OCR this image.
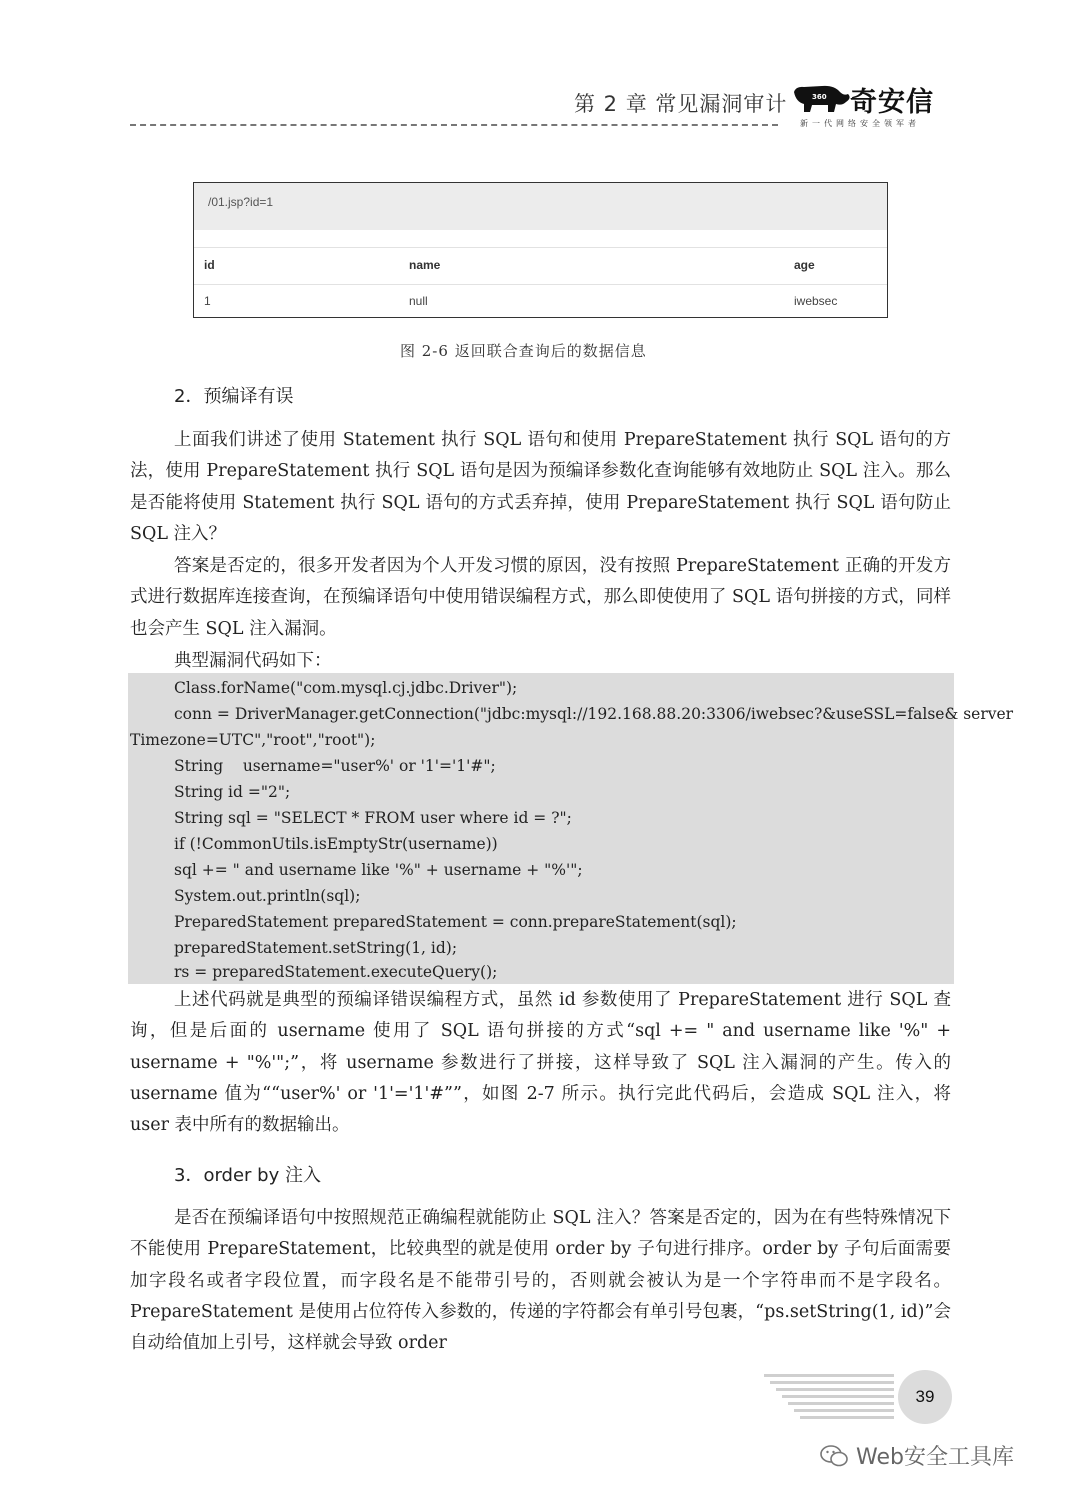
第 2 章 常见漏洞审计	360 奇安信
新一代网络安全领军者
/01.jsp?id=1
id	name	age
1	null	iwebsec
图 2-6 返回联合查询后的数据信息
2．预编译有误

上面我们讲述了使用 Statement 执行 SQL 语句和使用 PrepareStatement 执行 SQL 语句的方法，使用 PrepareStatement 执行 SQL 语句是因为预编译参数化查询能够有效地防止 SQL 注入。那么是否能将使用 Statement 执行 SQL 语句的方式丢弃掉，使用 PrepareStatement 执行 SQL 语句防止 SQL 注入？

答案是否定的，很多开发者因为个人开发习惯的原因，没有按照 PrepareStatement 正确的开发方式进行数据库连接查询，在预编译语句中使用错误编程方式，那么即使使用了 SQL 语句拼接的方式，同样也会产生 SQL 注入漏洞。

典型漏洞代码如下：
Class.forName("com.mysql.cj.jdbc.Driver");
conn = DriverManager.getConnection("jdbc:mysql://192.168.88.20:3306/iwebsec?&useSSL=false& server
Timezone=UTC","root","root");
String    username="user%' or '1'='1'#";
String id ="2";
String sql = "SELECT * FROM user where id = ?";
if (!CommonUtils.isEmptyStr(username))
sql += " and username like '%" + username + "%'";
System.out.println(sql);
PreparedStatement preparedStatement = conn.prepareStatement(sql);
preparedStatement.setString(1, id);
rs = preparedStatement.executeQuery();

上述代码就是典型的预编译错误编程方式，虽然 id 参数使用了 PrepareStatement 进行 SQL 查询，但是后面的 username 使用了 SQL 语句拼接的方式“sql += " and username like '%" + username + "%'";”，将 username 参数进行了拼接，这样导致了 SQL 注入漏洞的产生。传入的 username 值为““user%' or '1'='1'#””，如图 2-7 所示。执行完此代码后，会造成 SQL 注入，将 user 表中所有的数据输出。

3．order by 注入

是否在预编译语句中按照规范正确编程就能防止 SQL 注入？答案是否定的，因为在有些特殊情况下不能使用 PrepareStatement，比较典型的就是使用 order by 子句进行排序。order by 子句后面需要加字段名或者字段位置，而字段名是不能带引号的，否则就会被认为是一个字符串而不是字段名。PrepareStatement 是使用占位符传入参数的，传递的字符都会有单引号包裹，“ps.setString(1, id)”会自动给值加上引号，这样就会导致 order

39
Web安全工具库
